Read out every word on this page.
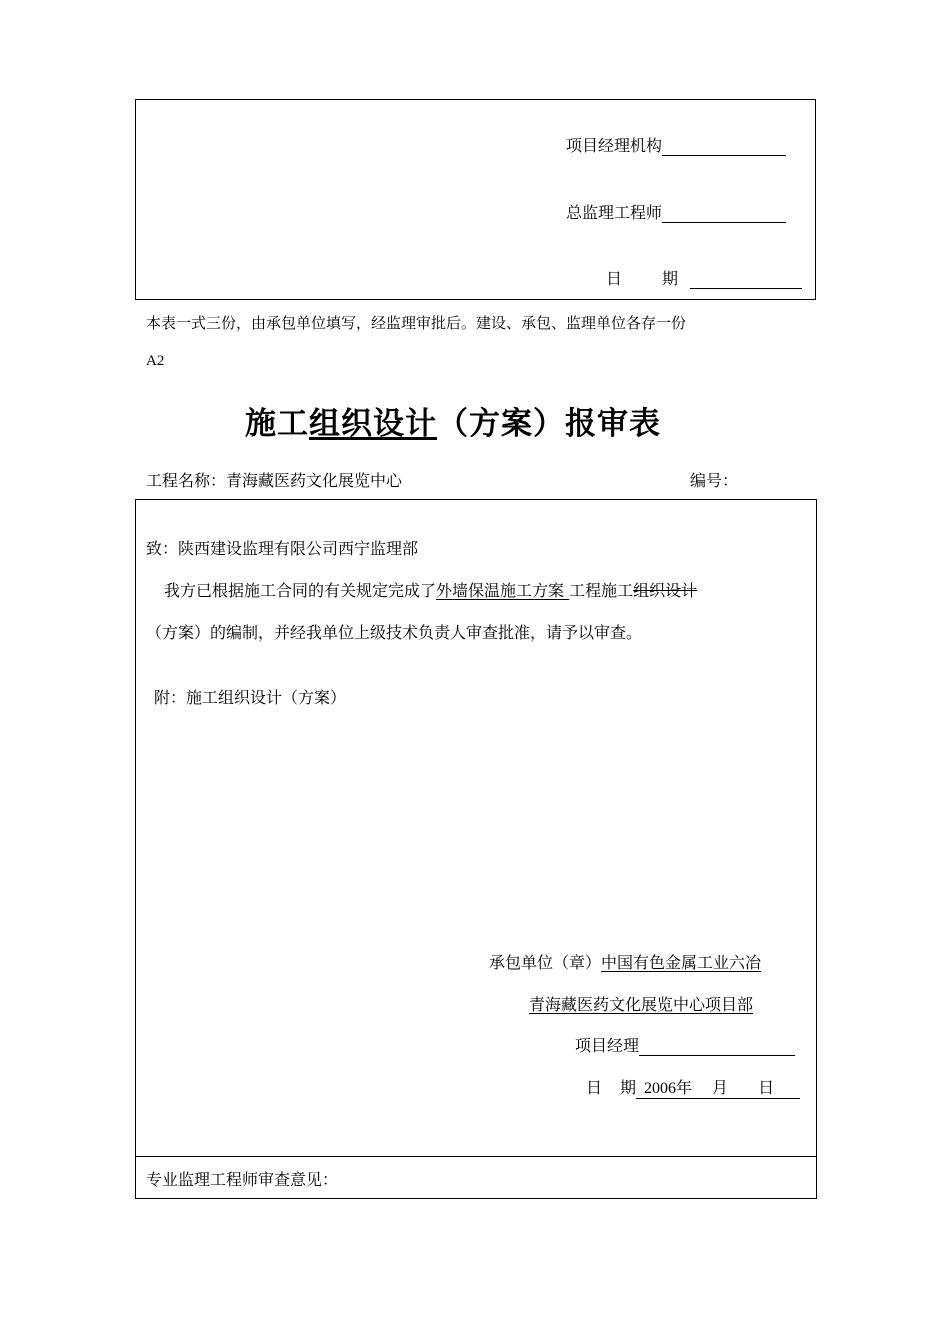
项目经理机构
总监理工程师
日	期
本表一式三份，由承包单位填写，经监理审批后。建设、承包、监理单位各存一份
A2
施工组织设计（方案）报审表
工程名称：青海藏医药文化展览中心	编号：
致：陕西建设监理有限公司西宁监理部
我方已根据施工合同的有关规定完成了外墙保温施工方案 工程施工组织设计
（方案）的编制，并经我单位上级技术负责人审查批准，请予以审查。
附：施工组织设计（方案）
承包单位（章）中国有色金属工业六冶
青海藏医药文化展览中心项目部
项目经理
日 期 2006年 月 日
专业监理工程师审查意见：
